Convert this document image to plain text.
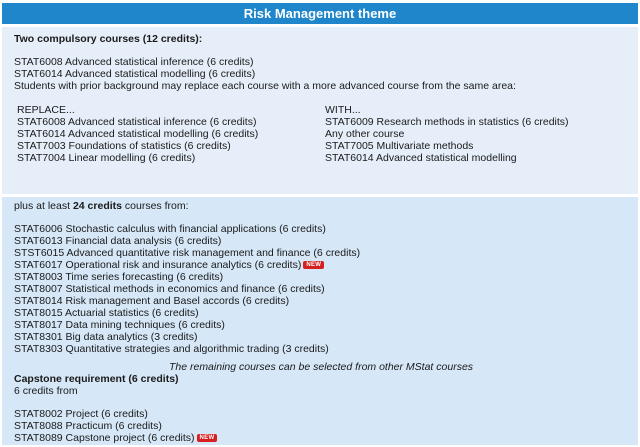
Risk Management theme
Two compulsory courses (12 credits):
STAT6008 Advanced statistical inference (6 credits)
STAT6014 Advanced statistical modelling (6 credits)
Students with prior background may replace each course with a more advanced course from the same area:
REPLACE...
STAT6008 Advanced statistical inference (6 credits)
STAT6014 Advanced statistical modelling (6 credits)
STAT7003 Foundations of statistics (6 credits)
STAT7004 Linear modelling (6 credits)
WITH...
STAT6009 Research methods in statistics (6 credits)
Any other course
STAT7005 Multivariate methods
STAT6014 Advanced statistical modelling
plus at least 24 credits courses from:
STAT6006 Stochastic calculus with financial applications (6 credits)
STAT6013 Financial data analysis (6 credits)
STST6015 Advanced quantitative risk management and finance (6 credits)
STAT6017 Operational risk and insurance analytics (6 credits) NEW
STAT8003 Time series forecasting (6 credits)
STAT8007 Statistical methods in economics and finance (6 credits)
STAT8014 Risk management and Basel accords (6 credits)
STAT8015 Actuarial statistics (6 credits)
STAT8017 Data mining techniques (6 credits)
STAT8301 Big data analytics (3 credits)
STAT8303 Quantitative strategies and algorithmic trading (3 credits)
The remaining courses can be selected from other MStat courses
Capstone requirement (6 credits)
6 credits from
STAT8002 Project (6 credits)
STAT8088 Practicum (6 credits)
STAT8089 Capstone project (6 credits) NEW
